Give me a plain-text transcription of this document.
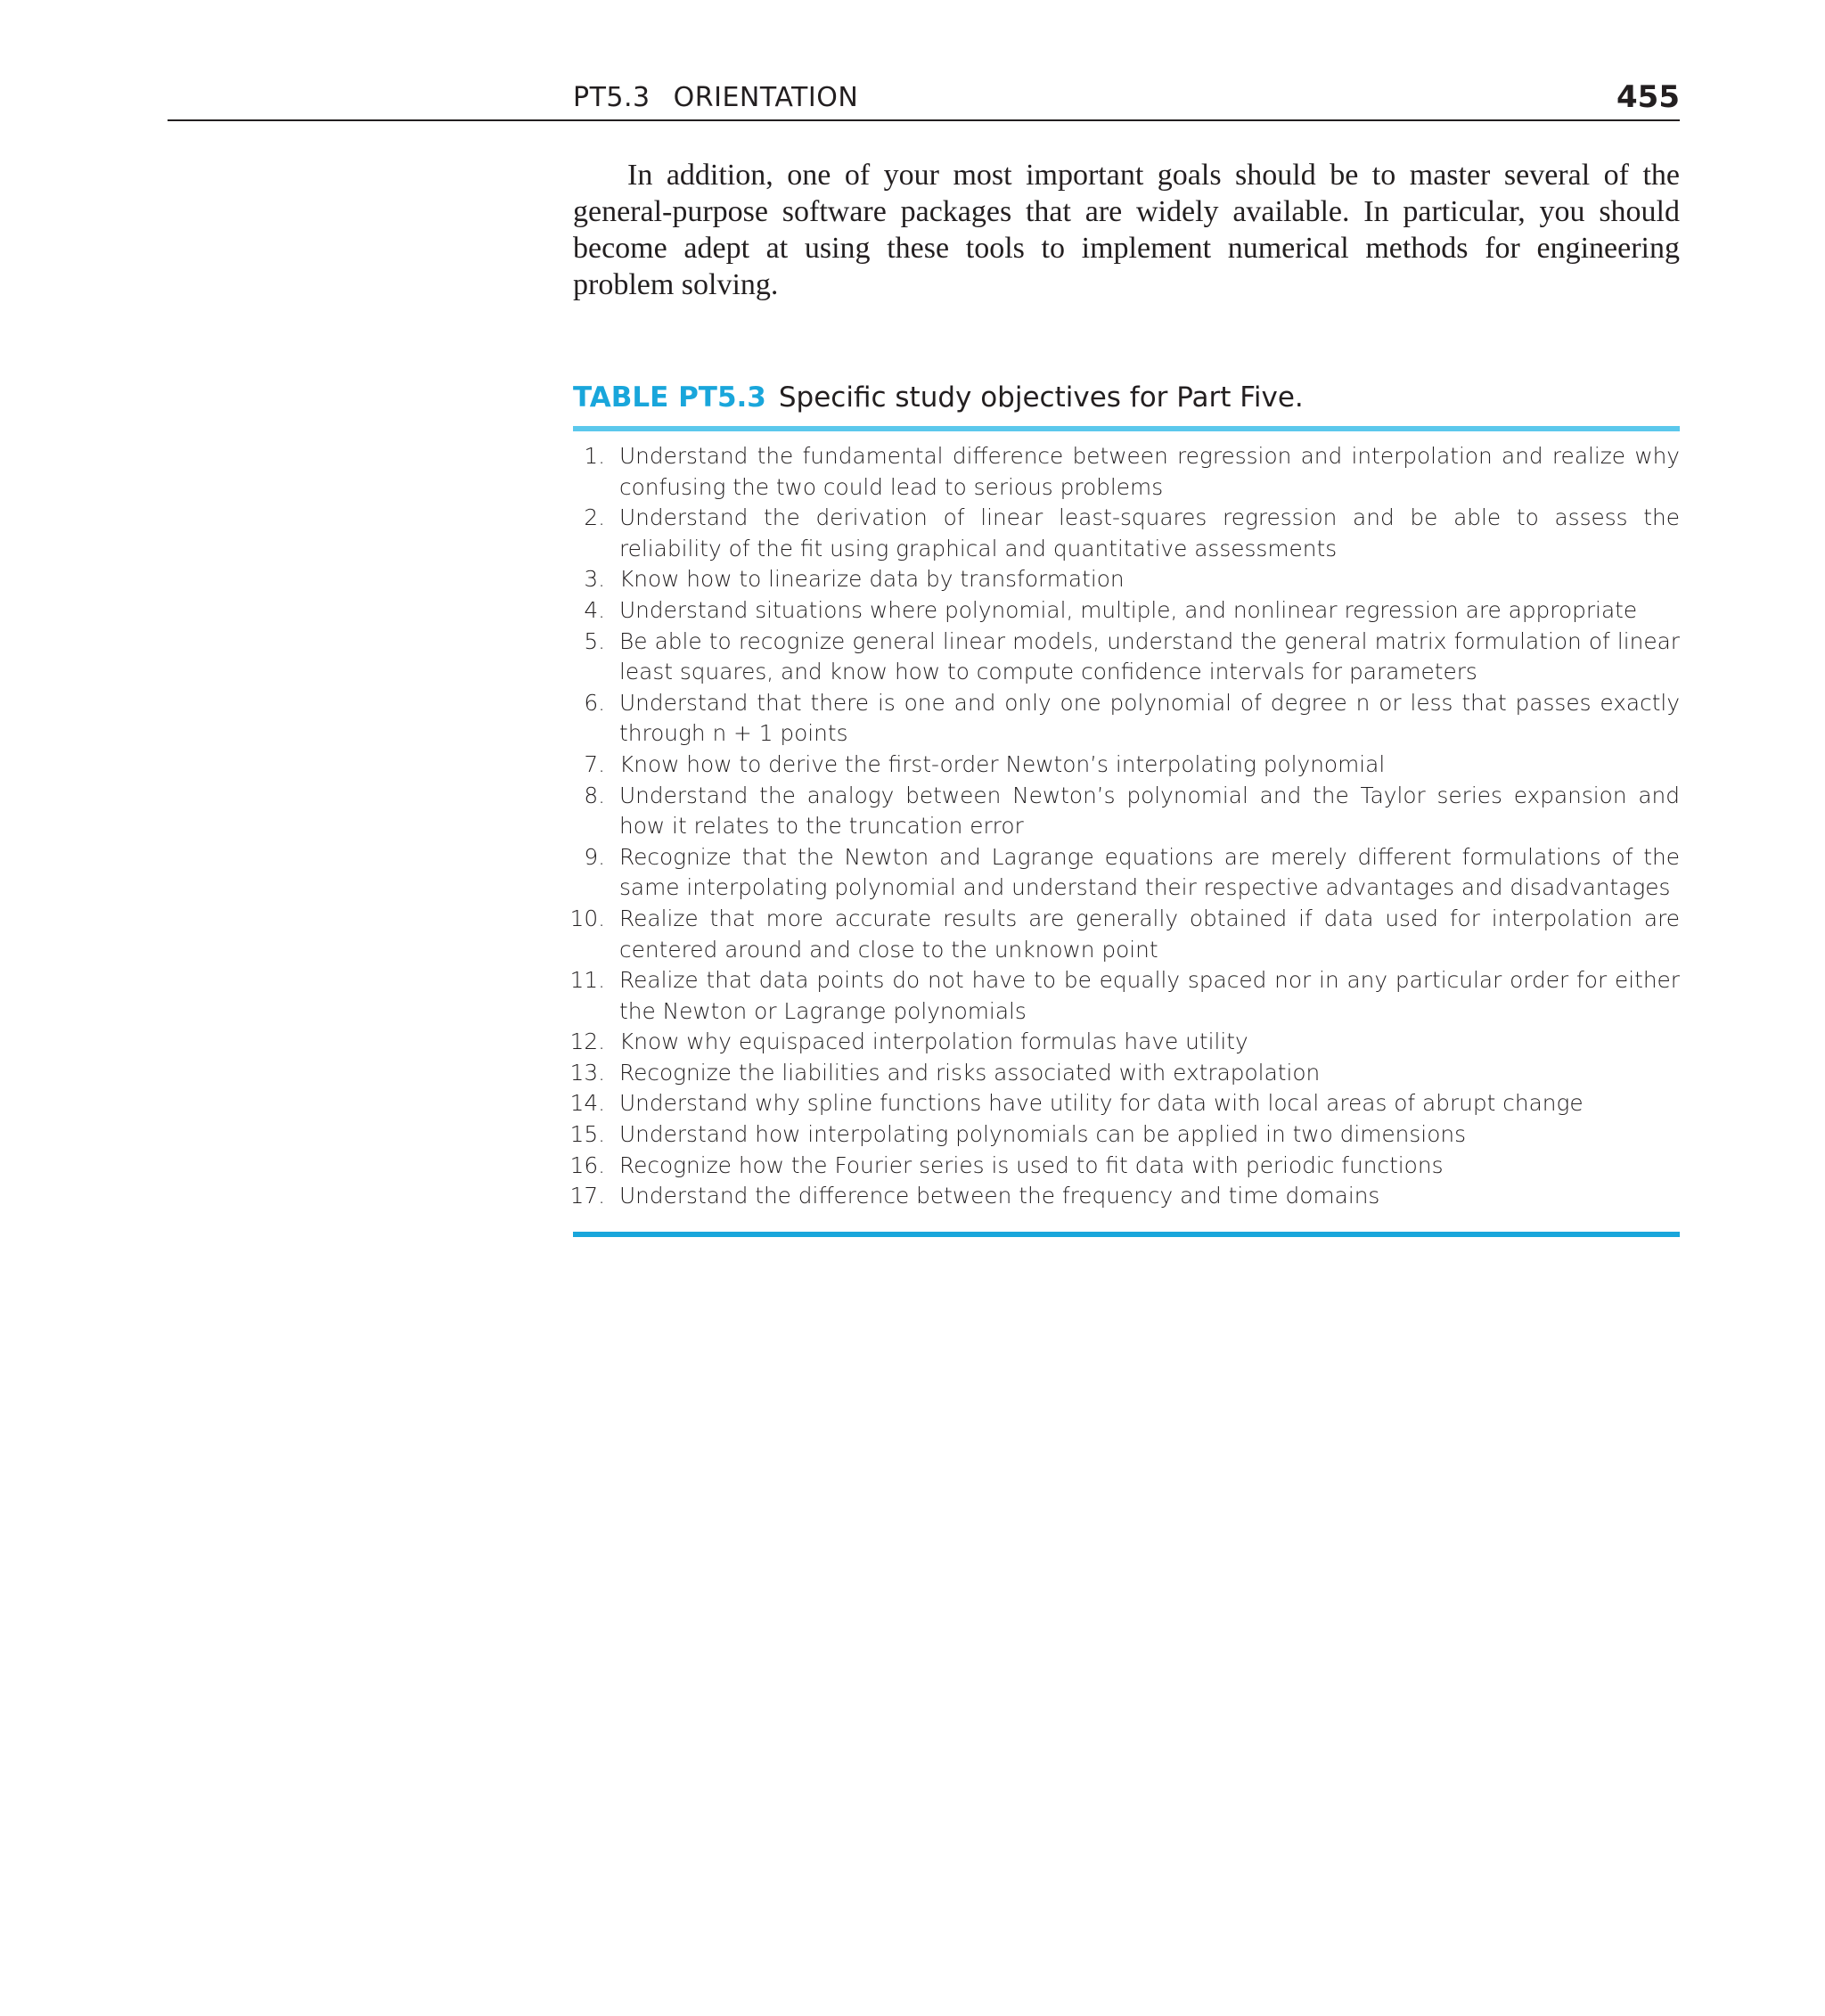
PT5.3 ORIENTATION	455

In addition, one of your most important goals should be to master several of the general-purpose software packages that are widely available. In particular, you should become adept at using these tools to implement numerical methods for engineering problem solving.

TABLE PT5.3 Specific study objectives for Part Five.
1. Understand the fundamental difference between regression and interpolation and realize why confusing the two could lead to serious problems
2. Understand the derivation of linear least-squares regression and be able to assess the reliability of the fit using graphical and quantitative assessments
3. Know how to linearize data by transformation
4. Understand situations where polynomial, multiple, and nonlinear regression are appropriate
5. Be able to recognize general linear models, understand the general matrix formulation of linear least squares, and know how to compute confidence intervals for parameters
6. Understand that there is one and only one polynomial of degree n or less that passes exactly through n + 1 points
7. Know how to derive the first-order Newton’s interpolating polynomial
8. Understand the analogy between Newton’s polynomial and the Taylor series expansion and how it relates to the truncation error
9. Recognize that the Newton and Lagrange equations are merely different formulations of the same interpolating polynomial and understand their respective advantages and disadvantages
10. Realize that more accurate results are generally obtained if data used for interpolation are centered around and close to the unknown point
11. Realize that data points do not have to be equally spaced nor in any particular order for either the Newton or Lagrange polynomials
12. Know why equispaced interpolation formulas have utility
13. Recognize the liabilities and risks associated with extrapolation
14. Understand why spline functions have utility for data with local areas of abrupt change
15. Understand how interpolating polynomials can be applied in two dimensions
16. Recognize how the Fourier series is used to fit data with periodic functions
17. Understand the difference between the frequency and time domains
